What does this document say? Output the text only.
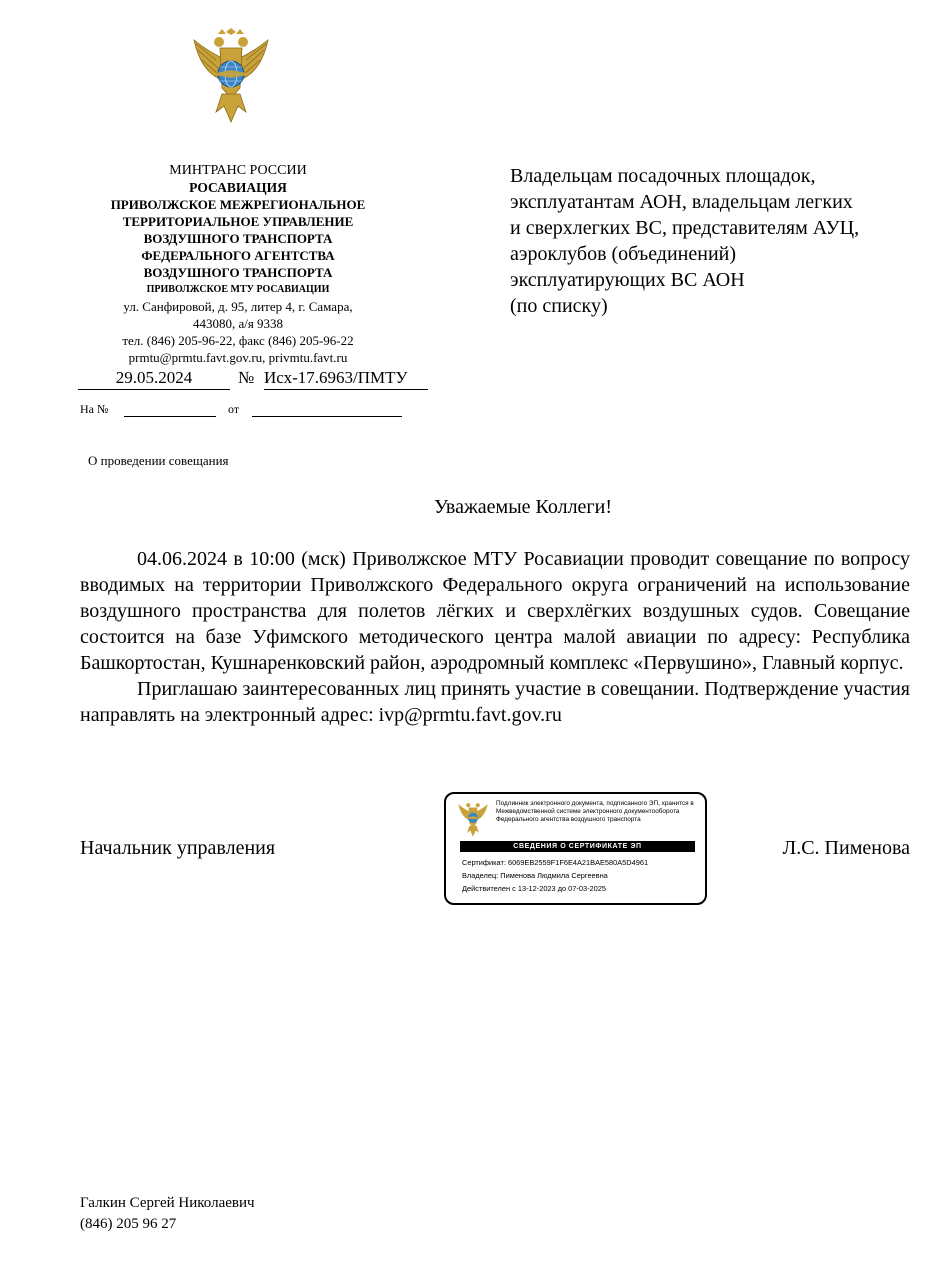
МИНТРАНС РОССИИ
РОСАВИАЦИЯ
ПРИВОЛЖСКОЕ МЕЖРЕГИОНАЛЬНОЕ
ТЕРРИТОРИАЛЬНОЕ УПРАВЛЕНИЕ
ВОЗДУШНОГО ТРАНСПОРТА
ФЕДЕРАЛЬНОГО АГЕНТСТВА
ВОЗДУШНОГО ТРАНСПОРТА
ПРИВОЛЖСКОЕ МТУ РОСАВИАЦИИ
ул. Санфировой, д. 95, литер 4, г. Самара,
443080, а/я 9338
тел. (846) 205-96-22, факс (846) 205-96-22
prmtu@prmtu.favt.gov.ru, privmtu.favt.ru
29.05.2024	№ Исх-17.6963/ПМТУ
На №	от
Владельцам посадочных площадок,
эксплуатантам АОН, владельцам легких
и сверхлегких ВС, представителям АУЦ,
аэроклубов (объединений)
эксплуатирующих ВС АОН
(по списку)
О проведении совещания
Уважаемые Коллеги!

04.06.2024 в 10:00 (мск) Приволжское МТУ Росавиации проводит совещание по вопросу вводимых на территории Приволжского Федерального округа ограничений на использование воздушного пространства для полетов лёгких и сверхлёгких воздушных судов. Совещание состоится на базе Уфимского методического центра малой авиации по адресу: Республика Башкортостан, Кушнаренковский район, аэродромный комплекс «Первушино», Главный корпус.

Приглашаю заинтересованных лиц принять участие в совещании. Подтверждение участия направлять на электронный адрес: ivp@prmtu.favt.gov.ru

Начальник управления	Л.С. Пименова
Подлинник электронного документа, подписанного ЭП, хранится в Межведомственной системе электронного документооборота Федерального агентства воздушного транспорта
СВЕДЕНИЯ О СЕРТИФИКАТЕ ЭП
Сертификат: 6069EB2559F1F6E4A21BAE580A5D4961
Владелец: Пименова Людмила Сергеевна
Действителен с 13-12-2023 до 07-03-2025
Галкин Сергей Николаевич
(846) 205 96 27
